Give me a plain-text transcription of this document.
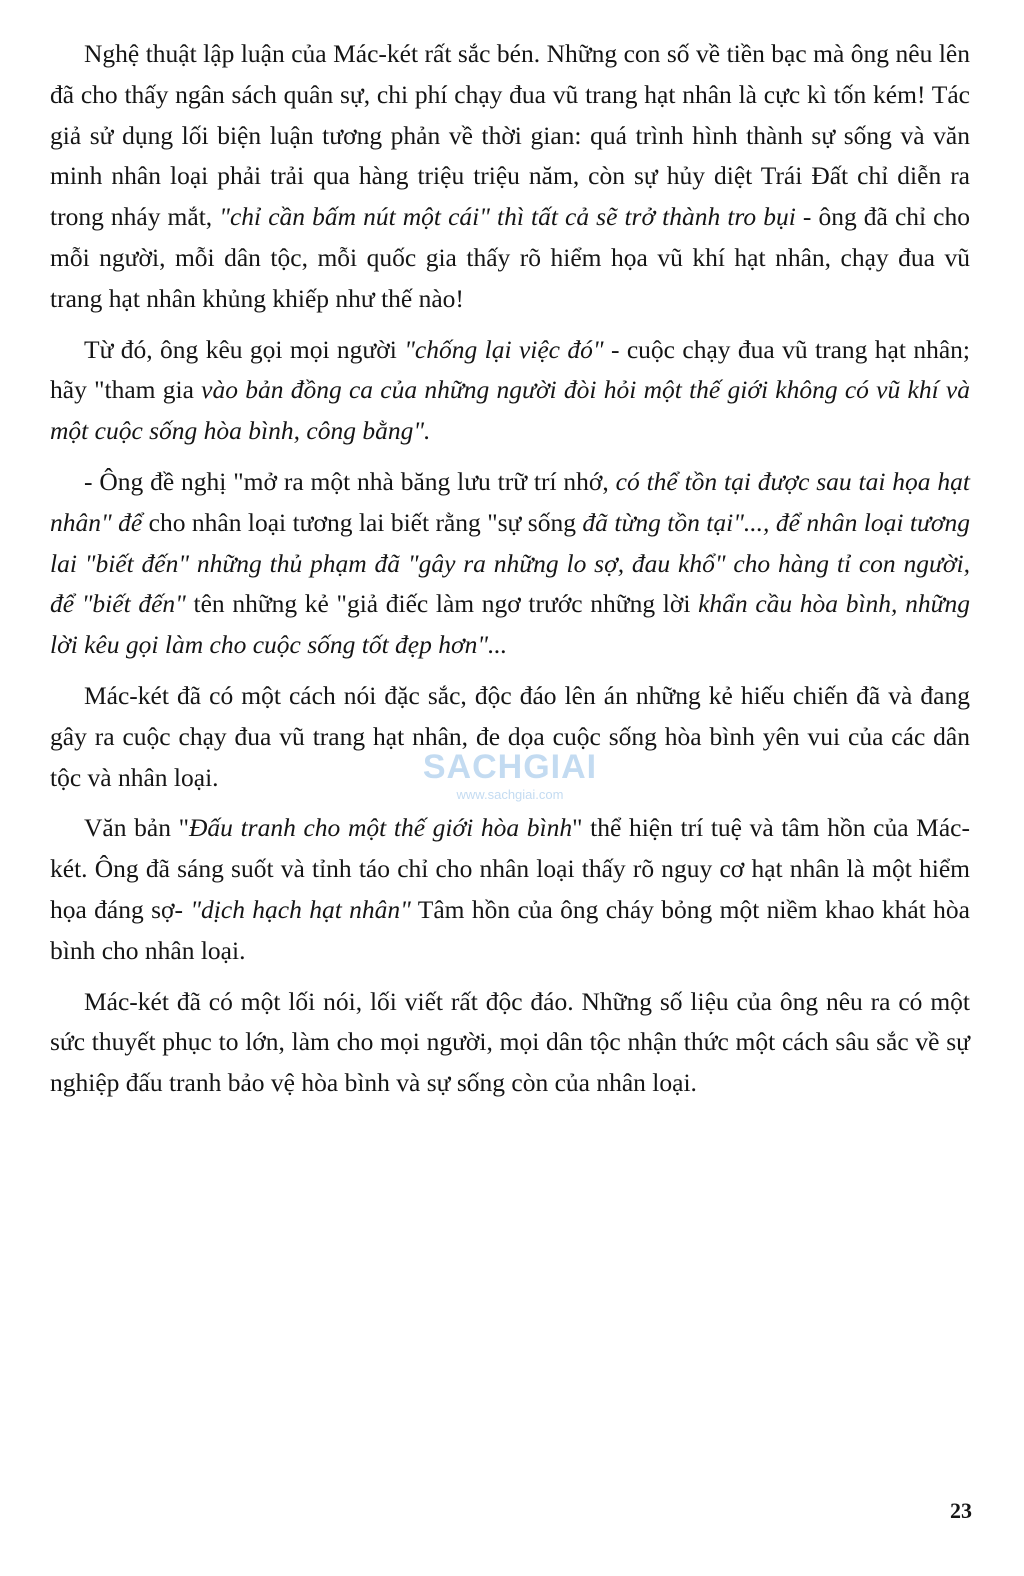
Nghệ thuật lập luận của Mác-két rất sắc bén. Những con số về tiền bạc mà ông nêu lên đã cho thấy ngân sách quân sự, chi phí chạy đua vũ trang hạt nhân là cực kì tốn kém! Tác giả sử dụng lối biện luận tương phản về thời gian: quá trình hình thành sự sống và văn minh nhân loại phải trải qua hàng triệu triệu năm, còn sự hủy diệt Trái Đất chỉ diễn ra trong nháy mắt, "chỉ cần bấm nút một cái" thì tất cả sẽ trở thành tro bụi - ông đã chỉ cho mỗi người, mỗi dân tộc, mỗi quốc gia thấy rõ hiểm họa vũ khí hạt nhân, chạy đua vũ trang hạt nhân khủng khiếp như thế nào!

Từ đó, ông kêu gọi mọi người "chống lại việc đó" - cuộc chạy đua vũ trang hạt nhân; hãy "tham gia vào bản đồng ca của những người đòi hỏi một thế giới không có vũ khí và một cuộc sống hòa bình, công bằng".

- Ông đề nghị "mở ra một nhà băng lưu trữ trí nhớ, có thể tồn tại được sau tai họa hạt nhân" để cho nhân loại tương lai biết rằng "sự sống đã từng tồn tại"..., để nhân loại tương lai "biết đến" những thủ phạm đã "gây ra những lo sợ, đau khổ" cho hàng tỉ con người, để "biết đến" tên những kẻ "giả điếc làm ngơ trước những lời khẩn cầu hòa bình, những lời kêu gọi làm cho cuộc sống tốt đẹp hơn"...

Mác-két đã có một cách nói đặc sắc, độc đáo lên án những kẻ hiếu chiến đã và đang gây ra cuộc chạy đua vũ trang hạt nhân, đe dọa cuộc sống hòa bình yên vui của các dân tộc và nhân loại.

Văn bản "Đấu tranh cho một thế giới hòa bình" thể hiện trí tuệ và tâm hồn của Mác-két. Ông đã sáng suốt và tỉnh táo chỉ cho nhân loại thấy rõ nguy cơ hạt nhân là một hiểm họa đáng sợ- "dịch hạch hạt nhân" Tâm hồn của ông cháy bỏng một niềm khao khát hòa bình cho nhân loại.

Mác-két đã có một lối nói, lối viết rất độc đáo. Những số liệu của ông nêu ra có một sức thuyết phục to lớn, làm cho mọi người, mọi dân tộc nhận thức một cách sâu sắc về sự nghiệp đấu tranh bảo vệ hòa bình và sự sống còn của nhân loại.

SACHGIAI
www.sachgiai.com
23
